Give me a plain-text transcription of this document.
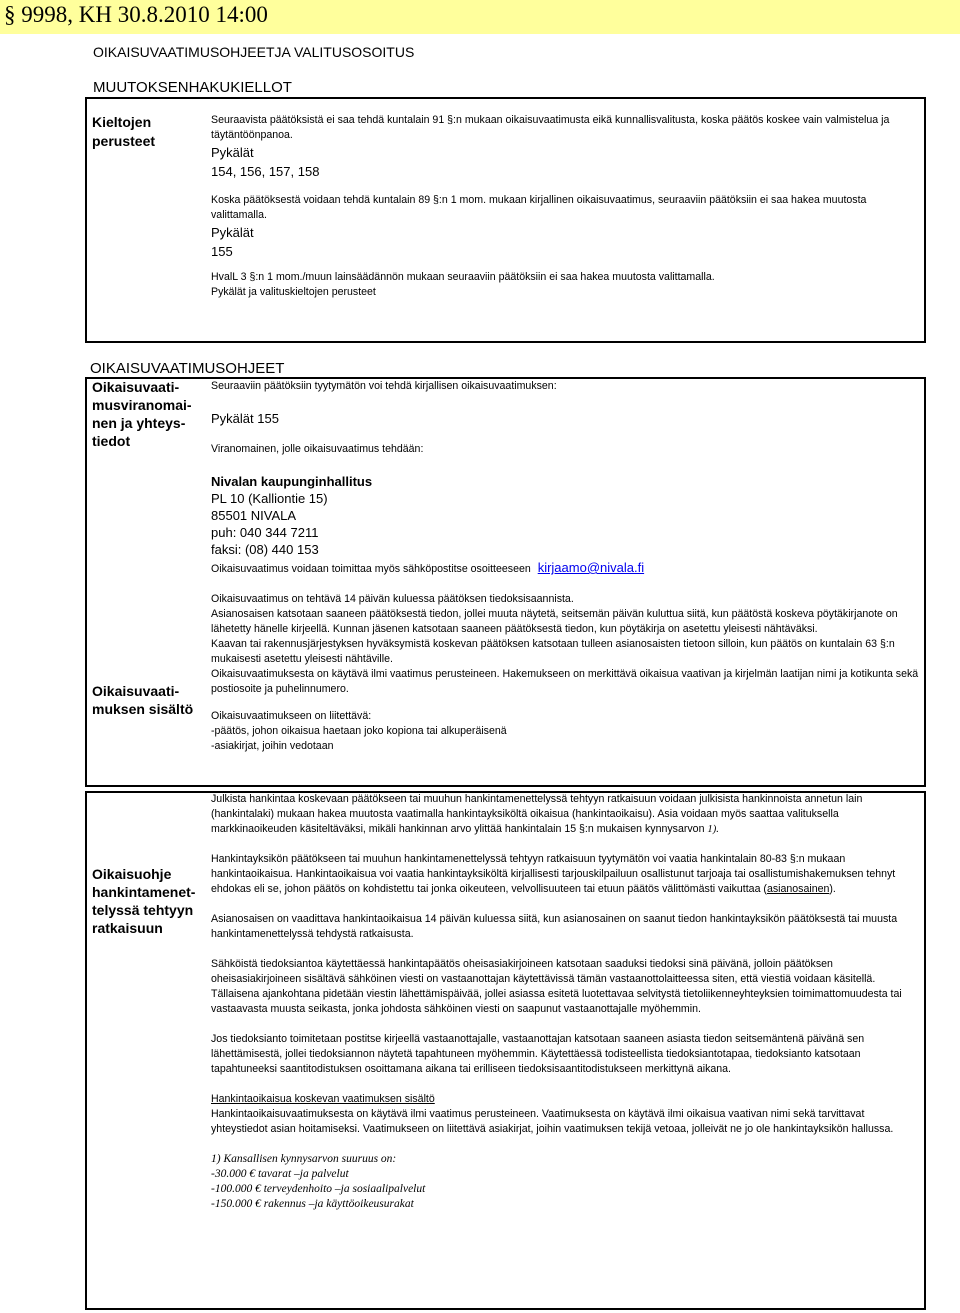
§ 9998, KH 30.8.2010 14:00
OIKAISUVAATIMUSOHJEETJA VALITUSOSOITUS
MUUTOKSENHAKUKIELLOT
Kieltojen
perusteet

Seuraavista päätöksistä ei saa tehdä kuntalain 91 §:n mukaan oikaisuvaatimusta eikä kunnallisvalitusta, koska päätös koskee vain valmistelua ja täytäntöönpanoa.

Pykälät
154, 156, 157, 158

Koska päätöksestä voidaan tehdä kuntalain 89 §:n 1 mom. mukaan kirjallinen oikaisuvaatimus, seuraaviin päätöksiin ei saa hakea muutosta valittamalla.

Pykälät
155

HvalL 3 §:n 1 mom./muun lainsäädännön mukaan seuraaviin päätöksiin ei saa hakea muutosta valittamalla.

Pykälät ja valituskieltojen perusteet
OIKAISUVAATIMUSOHJEET
Oikaisuvaati-
musviranomai-
nen ja yhteys-
tiedot
Seuraaviin päätöksiin tyytymätön voi tehdä kirjallisen oikaisuvaatimuksen:
Pykälät 155
Viranomainen, jolle oikaisuvaatimus tehdään:
Nivalan kaupunginhallitus
PL 10 (Kalliontie 15)
85501 NIVALA
puh: 040 344 7211
faksi: (08) 440 153
Oikaisuvaatimus voidaan toimittaa myös sähköpostitse osoitteeseen kirjaamo@nivala.fi
Oikaisuvaati-
muksen sisältö

Oikaisuvaatimus on tehtävä 14 päivän kuluessa päätöksen tiedoksisaannista.

Asianosaisen katsotaan saaneen päätöksestä tiedon, jollei muuta näytetä, seitsemän päivän kuluttua siitä, kun päätöstä koskeva pöytäkirjanote on lähetetty hänelle kirjeellä. Kunnan jäsenen katsotaan saaneen päätöksestä tiedon, kun pöytäkirja on asetettu yleisesti nähtäväksi.

Kaavan tai rakennusjärjestyksen hyväksymistä koskevan päätöksen katsotaan tulleen asianosaisten tietoon silloin, kun päätös on kuntalain 63 §:n mukaisesti asetettu yleisesti nähtäville.

Oikaisuvaatimuksesta on käytävä ilmi vaatimus perusteineen. Hakemukseen on merkittävä oikaisua vaativan ja kirjelmän laatijan nimi ja kotikunta sekä postiosoite ja puhelinnumero.

Oikaisuvaatimukseen on liitettävä:

-päätös, johon oikaisua haetaan joko kopiona tai alkuperäisenä

-asiakirjat, joihin vedotaan

Oikaisuohje
hankintamenet-
telyssä tehtyyn
ratkaisuun

Julkista hankintaa koskevaan päätökseen tai muuhun hankintamenettelyssä tehtyyn ratkaisuun voidaan julkisista hankinnoista annetun lain (hankintalaki) mukaan hakea muutosta vaatimalla hankintayksiköltä oikaisua (hankintaoikaisu). Asia voidaan myös saattaa valituksella markkinaoikeuden käsiteltäväksi, mikäli hankinnan arvo ylittää hankintalain 15 §:n mukaisen kynnysarvon 1).

Hankintayksikön päätökseen tai muuhun hankintamenettelyssä tehtyyn ratkaisuun tyytymätön voi vaatia hankintalain 80-83 §:n mukaan hankintaoikaisua. Hankintaoikaisua voi vaatia hankintayksiköltä kirjallisesti tarjouskilpailuun osallistunut tarjoaja tai osallistumishakemuksen tehnyt ehdokas eli se, johon päätös on kohdistettu tai jonka oikeuteen, velvollisuuteen tai etuun päätös välittömästi vaikuttaa (asianosainen).

Asianosaisen on vaadittava hankintaoikaisua 14 päivän kuluessa siitä, kun asianosainen on saanut tiedon hankintayksikön päätöksestä tai muusta hankintamenettelyssä tehdystä ratkaisusta.

Sähköistä tiedoksiantoa käytettäessä hankintapäätös oheisasiakirjoineen katsotaan saaduksi tiedoksi sinä päivänä, jolloin päätöksen oheisasiakirjoineen sisältävä sähköinen viesti on vastaanottajan käytettävissä tämän vastaanottolaitteessa siten, että viestiä voidaan käsitellä. Tällaisena ajankohtana pidetään viestin lähettämispäivää, jollei asiassa esitetä luotettavaa selvitystä tietoliikenneyhteyksien toimimattomuudesta tai vastaavasta muusta seikasta, jonka johdosta sähköinen viesti on saapunut vastaanottajalle myöhemmin.

Jos tiedoksianto toimitetaan postitse kirjeellä vastaanottajalle, vastaanottajan katsotaan saaneen asiasta tiedon seitsemäntenä päivänä sen lähettämisestä, jollei tiedoksiannon näytetä tapahtuneen myöhemmin. Käytettäessä todisteellista tiedoksiantotapaa, tiedoksianto katsotaan tapahtuneeksi saantitodistuksen osoittamana aikana tai erilliseen tiedoksisaantitodistukseen merkittynä aikana.

Hankintaoikaisua koskevan vaatimuksen sisältö

Hankintaoikaisuvaatimuksesta on käytävä ilmi vaatimus perusteineen. Vaatimuksesta on käytävä ilmi oikaisua vaativan nimi sekä tarvittavat yhteystiedot asian hoitamiseksi. Vaatimukseen on liitettävä asiakirjat, joihin vaatimuksen tekijä vetoaa, jolleivät ne jo ole hankintayksikön hallussa.

1) Kansallisen kynnysarvon suuruus on:
-30.000 € tavarat –ja palvelut
-100.000 € terveydenhoito –ja sosiaalipalvelut
-150.000 € rakennus –ja käyttöoikeusurakat
